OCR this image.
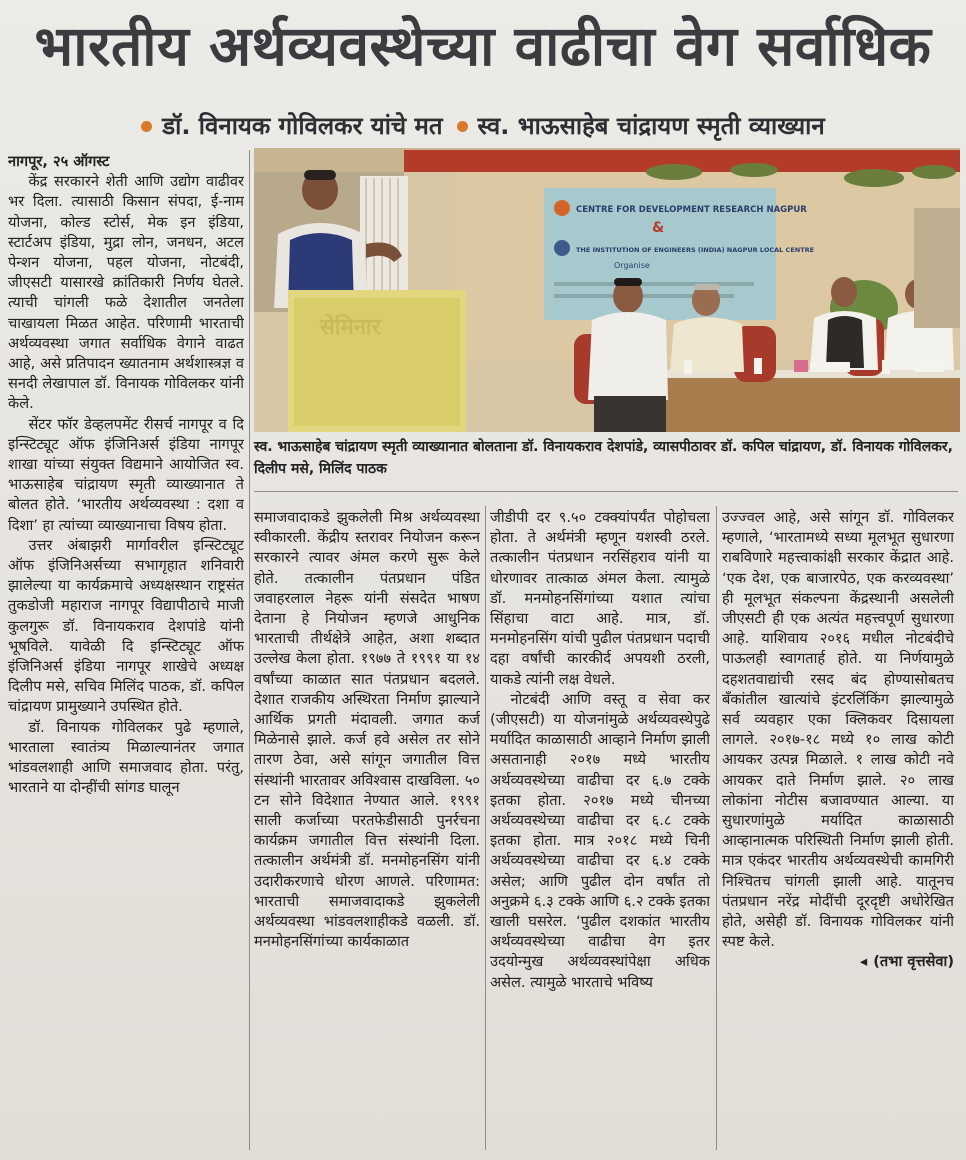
भारतीय अर्थव्यवस्थेच्या वाढीचा वेग सर्वाधिक
डॉ. विनायक गोविलकर यांचे मत स्व. भाऊसाहेब चांद्रायण स्मृती व्याख्यान
CENTRE FOR DEVELOPMENT RESEARCH NAGPUR
&
THE INSTITUTION OF ENGINEERS (INDIA) NAGPUR LOCAL CENTRE
Organise
सेमिनार
स्व. भाऊसाहेब चांद्रायण स्मृती व्याख्यानात बोलताना डॉ. विनायकराव देशपांडे, व्यासपीठावर डॉ. कपिल चांद्रायण, डॉ. विनायक गोविलकर, दिलीप मसे, मिलिंद पाठक

नागपूर, २५ ऑगस्ट

केंद्र सरकारने शेती आणि उद्योग वाढीवर भर दिला. त्यासाठी किसान संपदा, ई-नाम योजना, कोल्ड स्टोर्स, मेक इन इंडिया, स्टार्टअप इंडिया, मुद्रा लोन, जनधन, अटल पेन्शन योजना, पहल योजना, नोटबंदी, जीएसटी यासारखे क्रांतिकारी निर्णय घेतले. त्याची चांगली फळे देशातील जनतेला चाखायला मिळत आहेत. परिणामी भारताची अर्थव्यवस्था जगात सर्वाधिक वेगाने वाढत आहे, असे प्रतिपादन ख्यातनाम अर्थशास्त्रज्ञ व सनदी लेखापाल डॉ. विनायक गोविलकर यांनी केले.

सेंटर फॉर डेव्हलपमेंट रीसर्च नागपूर व दि इन्स्टिट्यूट ऑफ इंजिनिअर्स इंडिया नागपूर शाखा यांच्या संयुक्त विद्यमाने आयोजित स्व. भाऊसाहेब चांद्रायण स्मृती व्याख्यानात ते बोलत होते. ‘भारतीय अर्थव्यवस्था : दशा व दिशा’ हा त्यांच्या व्याख्यानाचा विषय होता.

उत्तर अंबाझरी मार्गावरील इन्स्टिट्यूट ऑफ इंजिनिअर्सच्या सभागृहात शनिवारी झालेल्या या कार्यक्रमाचे अध्यक्षस्थान राष्ट्रसंत तुकडोजी महाराज नागपूर विद्यापीठाचे माजी कुलगुरू डॉ. विनायकराव देशपांडे यांनी भूषविले. यावेळी दि इन्स्टिट्यूट ऑफ इंजिनिअर्स इंडिया नागपूर शाखेचे अध्यक्ष दिलीप मसे, सचिव मिलिंद पाठक, डॉ. कपिल चांद्रायण प्रामुख्याने उपस्थित होते.

डॉ. विनायक गोविलकर पुढे म्हणाले, भारताला स्वातंत्र्य मिळाल्यानंतर जगात भांडवलशाही आणि समाजवाद होता. परंतु, भारताने या दोन्हींची सांगड घालून

समाजवादाकडे झुकलेली मिश्र अर्थव्यवस्था स्वीकारली. केंद्रीय स्तरावर नियोजन करून सरकारने त्यावर अंमल करणे सुरू केले होते. तत्कालीन पंतप्रधान पंडित जवाहरलाल नेहरू यांनी संसदेत भाषण देताना हे नियोजन म्हणजे आधुनिक भारताची तीर्थक्षेत्रे आहेत, अशा शब्दात उल्लेख केला होता. १९७७ ते १९९१ या १४ वर्षांच्या काळात सात पंतप्रधान बदलले. देशात राजकीय अस्थिरता निर्माण झाल्याने आर्थिक प्रगती मंदावली. जगात कर्ज मिळेनासे झाले. कर्ज हवे असेल तर सोने तारण ठेवा, असे सांगून जगातील वित्त संस्थांनी भारतावर अविश्वास दाखविला. ५० टन सोने विदेशात नेण्यात आले. १९९१ साली कर्जाच्या परतफेडीसाठी पुनर्रचना कार्यक्रम जगातील वित्त संस्थांनी दिला. तत्कालीन अर्थमंत्री डॉ. मनमोहनसिंग यांनी उदारीकरणाचे धोरण आणले. परिणामत: भारताची समाजवादाकडे झुकलेली अर्थव्यवस्था भांडवलशाहीकडे वळली. डॉ. मनमोहनसिंगांच्या कार्यकाळात

जीडीपी दर ९.५० टक्क्यांपर्यंत पोहोचला होता. ते अर्थमंत्री म्हणून यशस्वी ठरले. तत्कालीन पंतप्रधान नरसिंहराव यांनी या धोरणावर तात्काळ अंमल केला. त्यामुळे डॉ. मनमोहनसिंगांच्या यशात त्यांचा सिंहाचा वाटा आहे. मात्र, डॉ. मनमोहनसिंग यांची पुढील पंतप्रधान पदाची दहा वर्षांची कारकीर्द अपयशी ठरली, याकडे त्यांनी लक्ष वेधले.

नोटबंदी आणि वस्तू व सेवा कर (जीएसटी) या योजनांमुळे अर्थव्यवस्थेपुढे मर्यादित काळासाठी आव्हाने निर्माण झाली असतानाही २०१७ मध्ये भारतीय अर्थव्यवस्थेच्या वाढीचा दर ६.७ टक्के इतका होता. २०१७ मध्ये चीनच्या अर्थव्यवस्थेच्या वाढीचा दर ६.८ टक्के इतका होता. मात्र २०१८ मध्ये चिनी अर्थव्यवस्थेच्या वाढीचा दर ६.४ टक्के असेल; आणि पुढील दोन वर्षांत तो अनुक्रमे ६.३ टक्के आणि ६.२ टक्के इतका खाली घसरेल. ‘पुढील दशकांत भारतीय अर्थव्यवस्थेच्या वाढीचा वेग इतर उदयोन्मुख अर्थव्यवस्थांपेक्षा अधिक असेल. त्यामुळे भारताचे भविष्य

उज्ज्वल आहे, असे सांगून डॉ. गोविलकर म्हणाले, ‘भारतामध्ये सध्या मूलभूत सुधारणा राबविणारे महत्त्वाकांक्षी सरकार केंद्रात आहे. ‘एक देश, एक बाजारपेठ, एक करव्यवस्था’ ही मूलभूत संकल्पना केंद्रस्थानी असलेली जीएसटी ही एक अत्यंत महत्त्वपूर्ण सुधारणा आहे. याशिवाय २०१६ मधील नोटबंदीचे पाऊलही स्वागतार्ह होते. या निर्णयामुळे दहशतवाद्यांची रसद बंद होण्यासोबतच बँकांतील खात्यांचे इंटरलिंकिंग झाल्यामुळे सर्व व्यवहार एका क्लिकवर दिसायला लागले. २०१७-१८ मध्ये १० लाख कोटी आयकर उत्पन्न मिळाले. १ लाख कोटी नवे आयकर दाते निर्माण झाले. २० लाख लोकांना नोटीस बजावण्यात आल्या. या सुधारणांमुळे मर्यादित काळासाठी आव्हानात्मक परिस्थिती निर्माण झाली होती. मात्र एकंदर भारतीय अर्थव्यवस्थेची कामगिरी निश्चितच चांगली झाली आहे. यातूनच पंतप्रधान नरेंद्र मोदींची दूरदृष्टी अधोरेखित होते, असेही डॉ. विनायक गोविलकर यांनी स्पष्ट केले.

◂ (तभा वृत्तसेवा)
